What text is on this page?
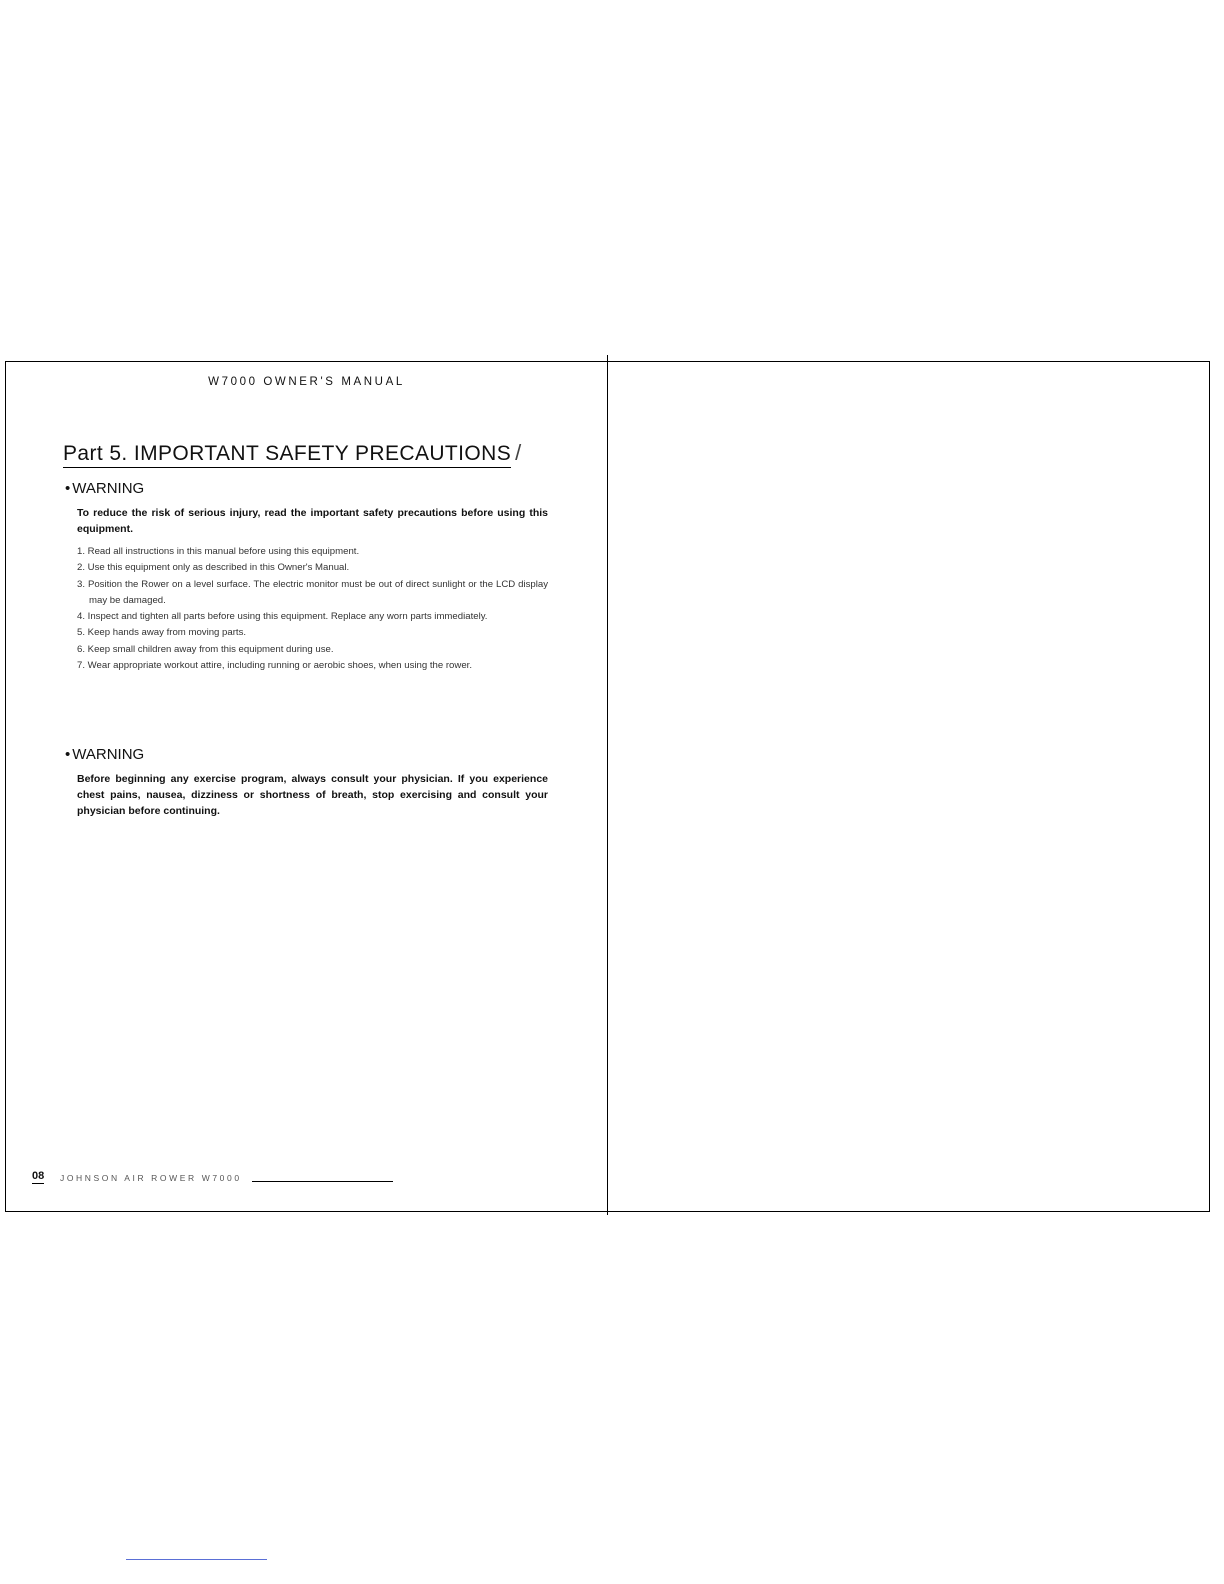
W7000 OWNER'S MANUAL
Part 5. IMPORTANT SAFETY PRECAUTIONS /
• WARNING
To reduce the risk of serious injury, read the important safety precautions before using this equipment.
1. Read all instructions in this manual before using this equipment.
2. Use this equipment only as described in this Owner's Manual.
3. Position the Rower on a level surface. The electric monitor must be out of direct sunlight or the LCD display may be damaged.
4. Inspect and tighten all parts before using this equipment. Replace any worn parts immediately.
5. Keep hands away from moving parts.
6. Keep small children away from this equipment during use.
7. Wear appropriate workout attire, including running or aerobic shoes, when using the rower.
• WARNING
Before beginning any exercise program, always consult your physician. If you experience chest pains, nausea, dizziness or shortness of breath, stop exercising and consult your physician before continuing.
08 JOHNSON AIR ROWER W7000
